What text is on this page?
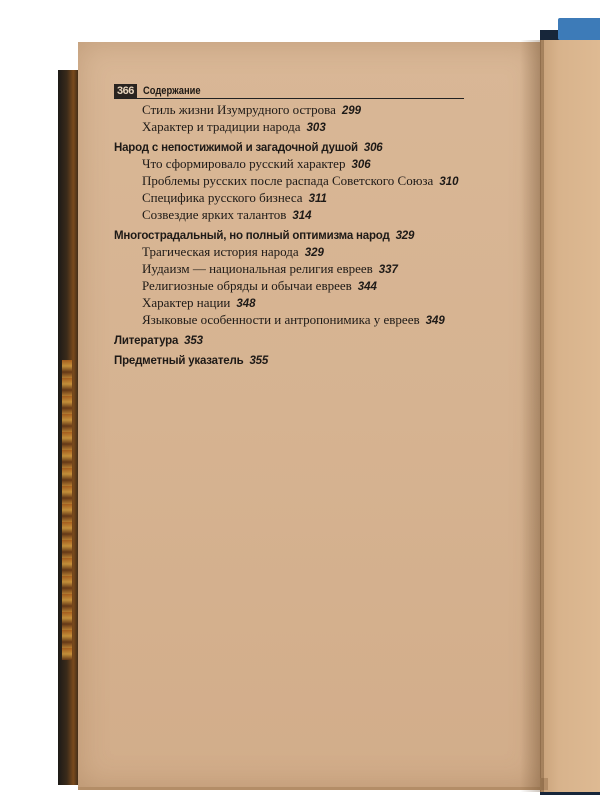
366 Содержание
Стиль жизни Изумрудного острова 299
Характер и традиции народа 303
Народ с непостижимой и загадочной душой 306
Что сформировало русский характер 306
Проблемы русских после распада Советского Союза 310
Специфика русского бизнеса 311
Созвездие ярких талантов 314
Многострадальный, но полный оптимизма народ 329
Трагическая история народа 329
Иудаизм — национальная религия евреев 337
Религиозные обряды и обычаи евреев 344
Характер нации 348
Языковые особенности и антропонимика у евреев 349
Литература 353
Предметный указатель 355
